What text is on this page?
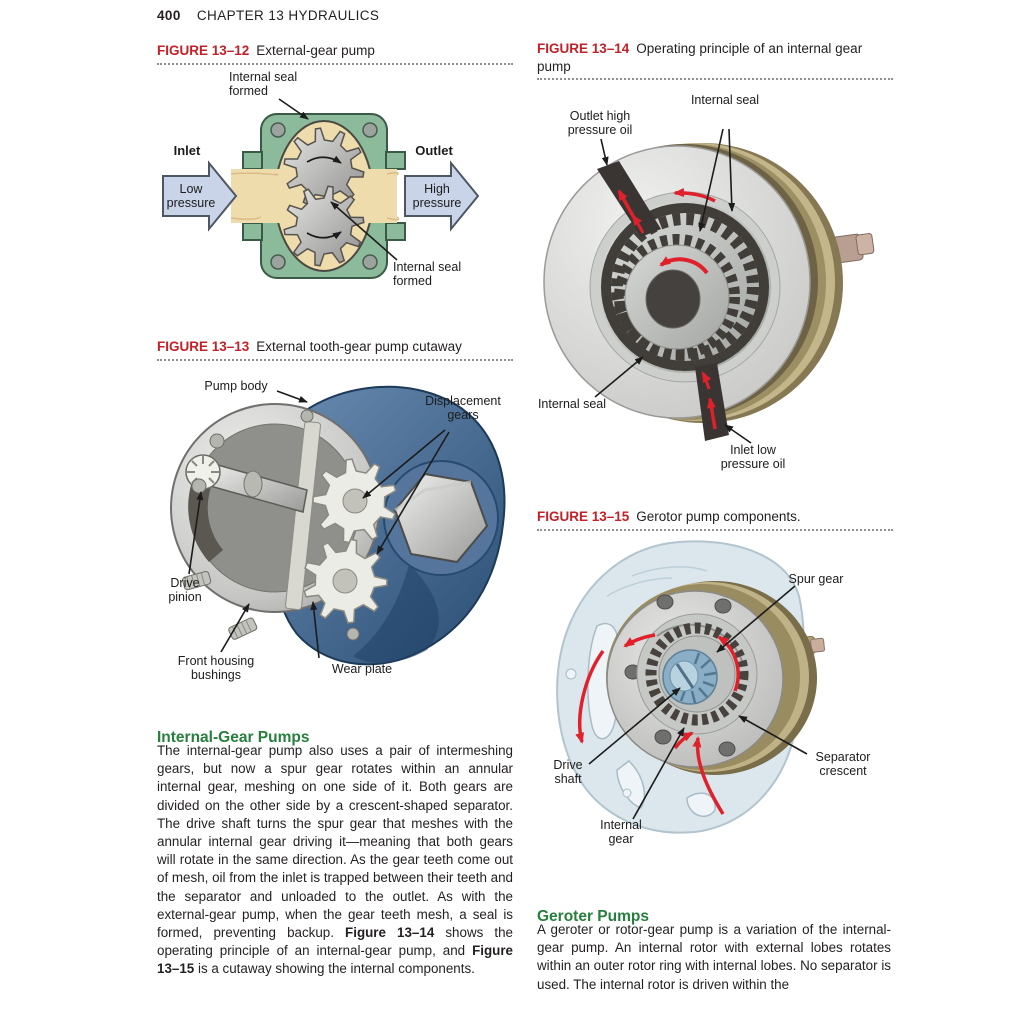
400 CHAPTER 13 HYDRAULICS
FIGURE 13–12 External-gear pump
Internal seal formed
Inlet
Low pressure
Outlet
High pressure
Internal seal formed
FIGURE 13–13 External tooth-gear pump cutaway
Pump body
Displacement gears
Drive pinion
Front housing bushings	Wear plate
Internal-Gear Pumps

The internal-gear pump also uses a pair of intermeshing gears, but now a spur gear rotates within an annular internal gear, meshing on one side of it. Both gears are divided on the other side by a crescent-shaped separator. The drive shaft turns the spur gear that meshes with the annular internal gear driving it—meaning that both gears will rotate in the same direction. As the gear teeth come out of mesh, oil from the inlet is trapped between their teeth and the separator and unloaded to the outlet. As with the external-gear pump, when the gear teeth mesh, a seal is formed, preventing backup. Figure 13–14 shows the operating principle of an internal-gear pump, and Figure 13–15 is a cutaway showing the internal components.

FIGURE 13–14 Operating principle of an internal gear pump
Outlet high pressure oil
Internal seal
Internal seal
Inlet low pressure oil
FIGURE 13–15 Gerotor pump components.
Spur gear
Separator crescent
Drive shaft
Internal gear
Geroter Pumps

A geroter or rotor-gear pump is a variation of the internal-gear pump. An internal rotor with external lobes rotates within an outer rotor ring with internal lobes. No separator is used. The internal rotor is driven within the
